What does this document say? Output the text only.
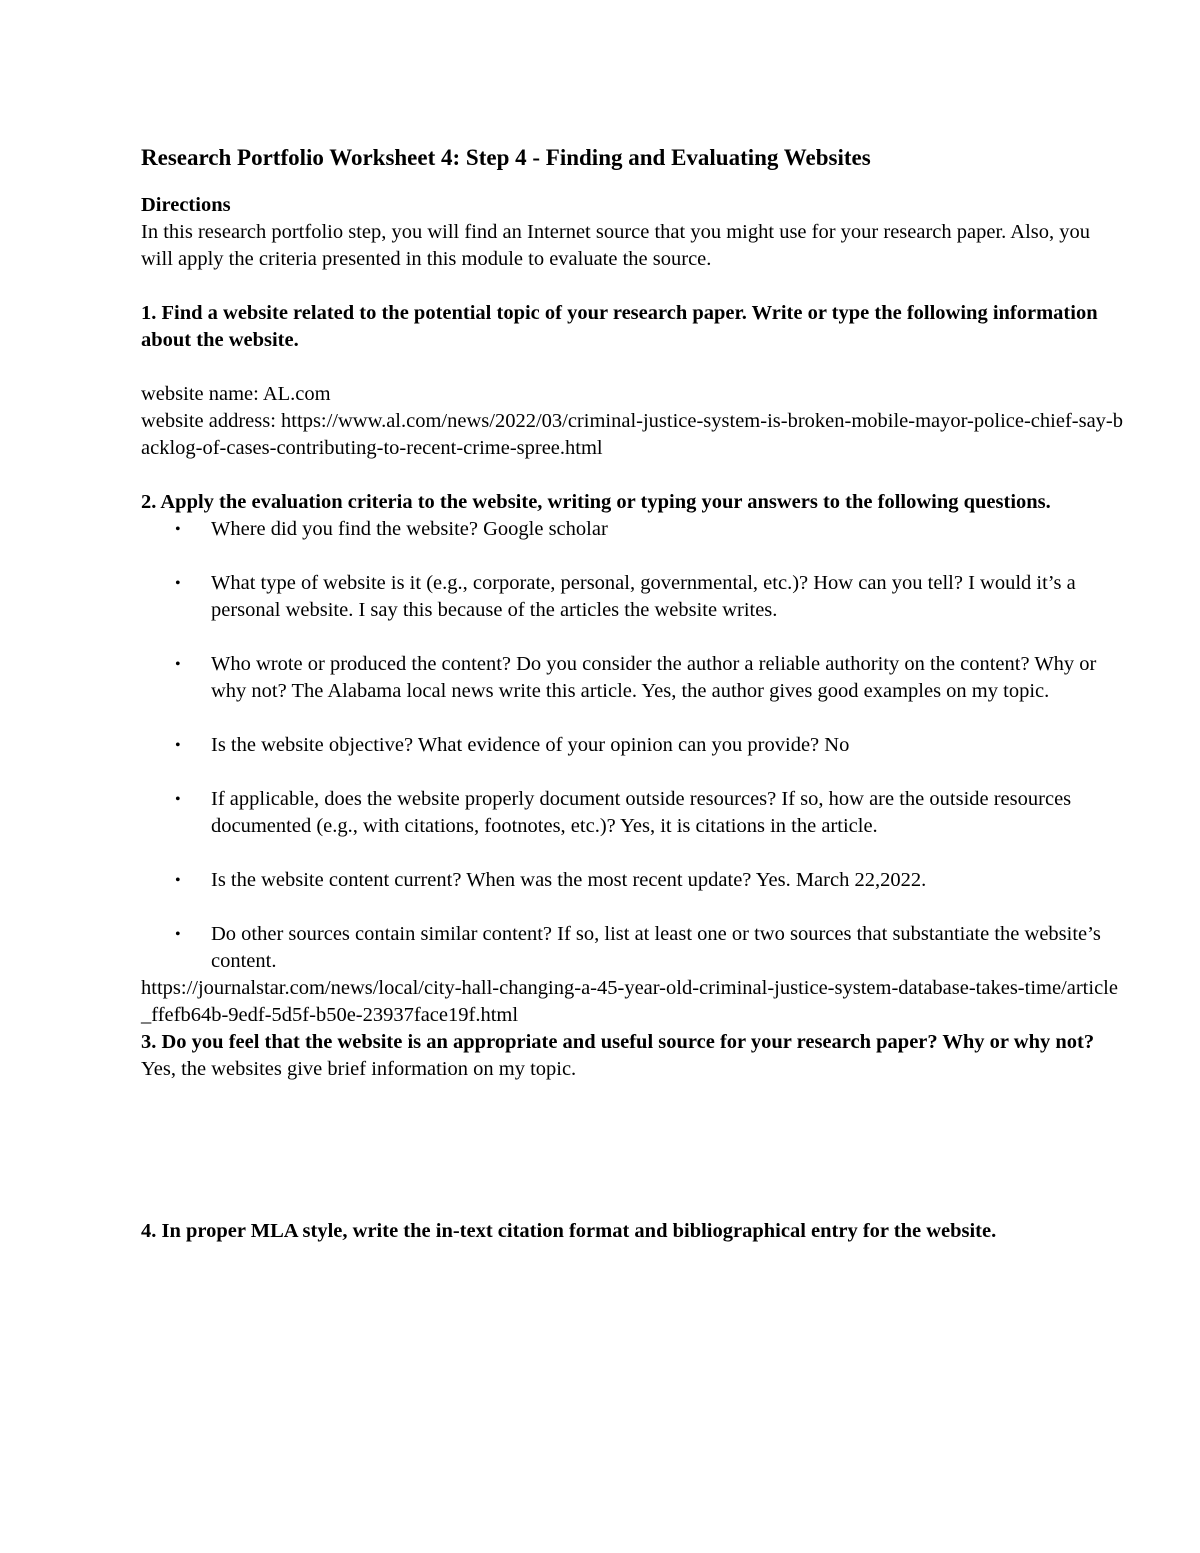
Research Portfolio Worksheet 4: Step 4 - Finding and Evaluating Websites

Directions

In this research portfolio step, you will find an Internet source that you might use for your research paper. Also, you will apply the criteria presented in this module to evaluate the source.

1. Find a website related to the potential topic of your research paper. Write or type the following information about the website.

website name: AL.com

website address: https://www.al.com/news/2022/03/criminal-justice-system-is-broken-mobile-mayor-police-chief-say-backlog-of-cases-contributing-to-recent-crime-spree.html

2. Apply the evaluation criteria to the website, writing or typing your answers to the following questions.

• Where did you find the website? Google scholar
• What type of website is it (e.g., corporate, personal, governmental, etc.)? How can you tell? I would it’s a personal website. I say this because of the articles the website writes.
• Who wrote or produced the content? Do you consider the author a reliable authority on the content? Why or why not? The Alabama local news write this article. Yes, the author gives good examples on my topic.
• Is the website objective? What evidence of your opinion can you provide? No
• If applicable, does the website properly document outside resources? If so, how are the outside resources documented (e.g., with citations, footnotes, etc.)? Yes, it is citations in the article.
• Is the website content current? When was the most recent update? Yes. March 22,2022.
• Do other sources contain similar content? If so, list at least one or two sources that substantiate the website’s content.

https://journalstar.com/news/local/city-hall-changing-a-45-year-old-criminal-justice-system-database-takes-time/article_ffefb64b-9edf-5d5f-b50e-23937face19f.html

3. Do you feel that the website is an appropriate and useful source for your research paper? Why or why not?

Yes, the websites give brief information on my topic.

4. In proper MLA style, write the in-text citation format and bibliographical entry for the website.
